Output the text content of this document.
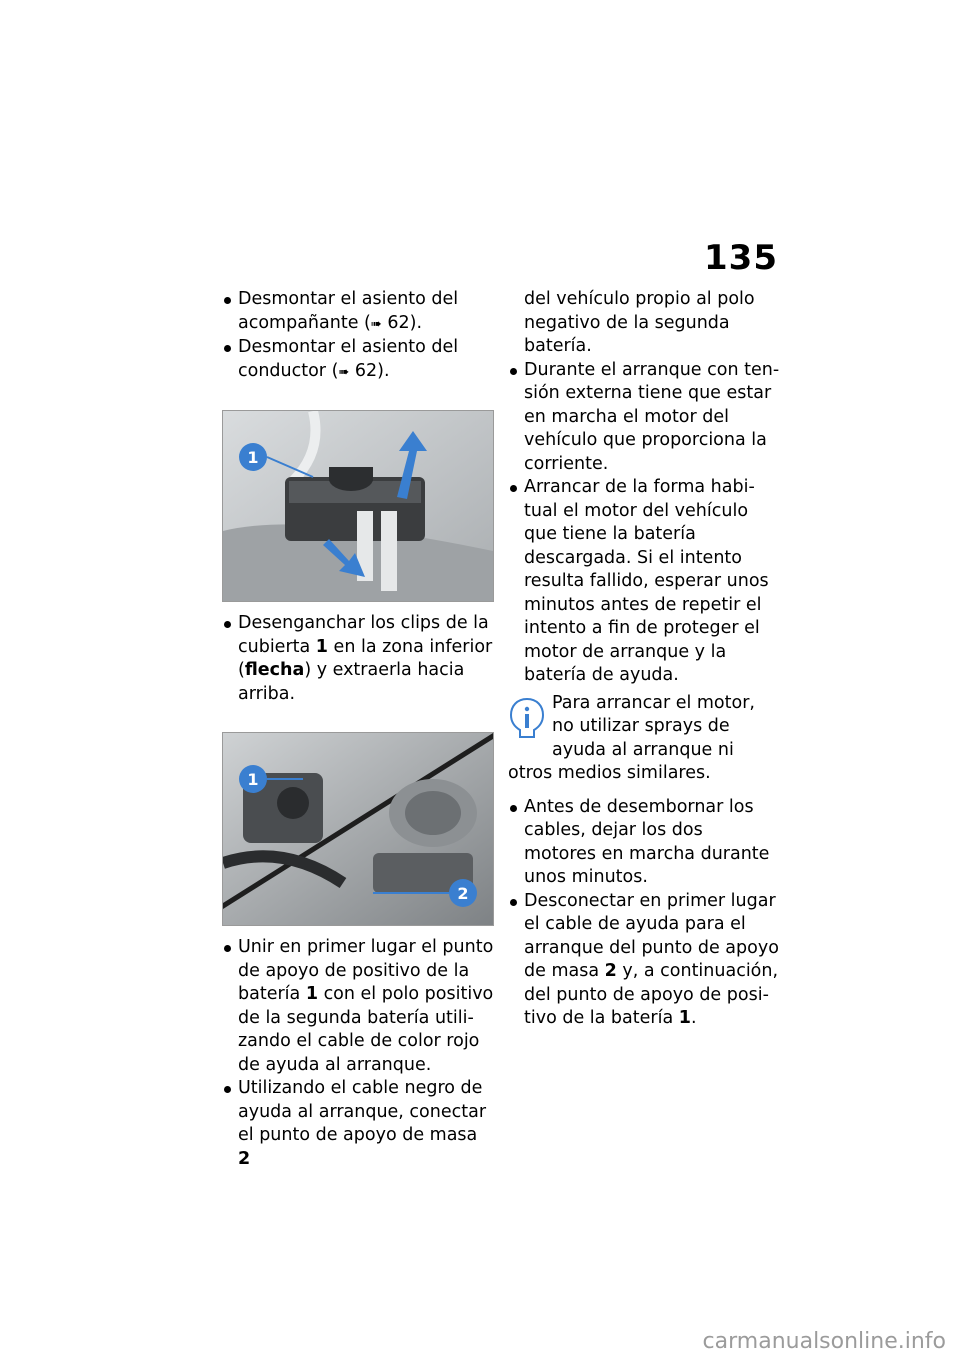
135
Desmontar el asiento del acompañante (➠ 62).
Desmontar el asiento del conductor (➠ 62).
1
Desenganchar los clips de la cubierta 1 en la zona inferior (flecha) y extraerla hacia arriba.
1
2
Unir en primer lugar el punto de apoyo de positivo de la batería 1 con el polo positivo de la segunda batería utilizando el cable de color rojo de ayuda al arranque.
Utilizando el cable negro de ayuda al arranque, conectar el punto de apoyo de masa 2

del vehículo propio al polo negativo de la segunda batería.

Durante el arranque con tensión externa tiene que estar en marcha el motor del vehículo que proporciona la corriente.
Arrancar de la forma habitual el motor del vehículo que tiene la batería descargada. Si el intento resulta fallido, esperar unos minutos antes de repetir el intento a fin de proteger el motor de arranque y la batería de ayuda.
Para arrancar el motor, no utilizar sprays de ayuda al arranque ni otros medios similares.
Antes de desembornar los cables, dejar los dos motores en marcha durante unos minutos.
Desconectar en primer lugar el cable de ayuda para el arranque del punto de apoyo de masa 2 y, a continuación, del punto de apoyo de positivo de la batería 1.
carmanualsonline.info
